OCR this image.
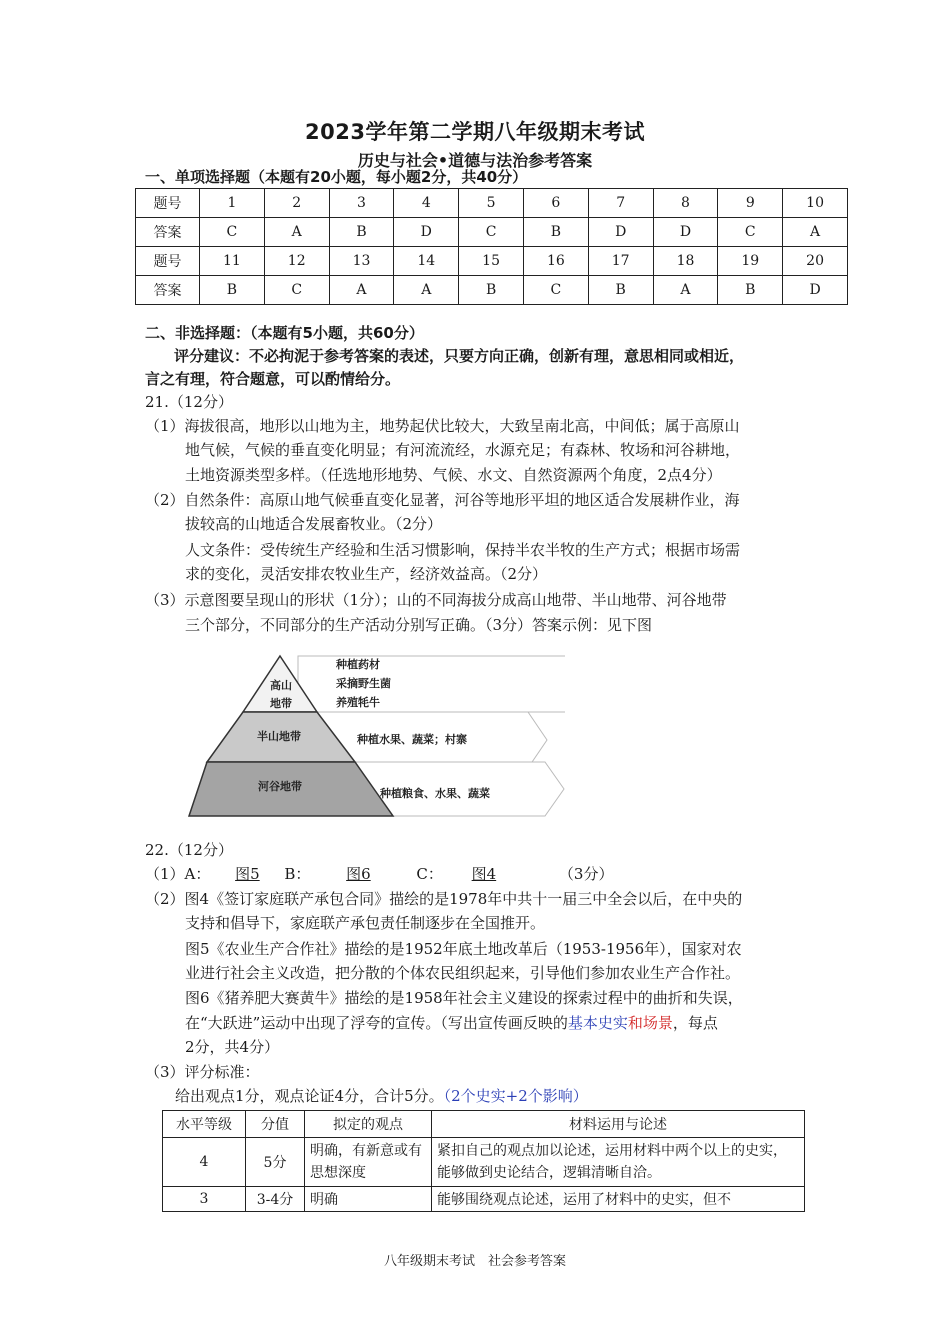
2023学年第二学期八年级期末考试
历史与社会•道德与法治参考答案
一、单项选择题（本题有20小题，每小题2分，共40分）
题号	1	2	3	4	5	6	7	8	9	10
答案	C	A	B	D	C	B	D	D	C	A
题号	11	12	13	14	15	16	17	18	19	20
答案	B	C	A	A	B	C	B	A	B	D
二、非选择题：（本题有5小题，共60分）
评分建议：不必拘泥于参考答案的表述，只要方向正确，创新有理，意思相同或相近，
言之有理，符合题意，可以酌情给分。
21.（12分）
（1）海拔很高，地形以山地为主，地势起伏比较大，大致呈南北高，中间低；属于高原山
地气候，气候的垂直变化明显；有河流流经，水源充足；有森林、牧场和河谷耕地，
土地资源类型多样。（任选地形地势、气候、水文、自然资源两个角度，2点4分）
（2）自然条件：高原山地气候垂直变化显著，河谷等地形平坦的地区适合发展耕作业，海
拔较高的山地适合发展畜牧业。（2分）
人文条件：受传统生产经验和生活习惯影响，保持半农半牧的生产方式；根据市场需
求的变化，灵活安排农牧业生产，经济效益高。（2分）
（3）示意图要呈现山的形状（1分）；山的不同海拔分成高山地带、半山地带、河谷地带
三个部分，不同部分的生产活动分别写正确。（3分）答案示例：见下图
高山
地带
半山地带
河谷地带
种植药材
采摘野生菌
养殖牦牛
种植水果、蔬菜；村寨
种植粮食、水果、蔬菜
22.（12分）
（1）A： 图5 B： 图6	C： 图4	（3分）
（2）图4《签订家庭联产承包合同》描绘的是1978年中共十一届三中全会以后，在中央的
支持和倡导下，家庭联产承包责任制逐步在全国推开。
图5《农业生产合作社》描绘的是1952年底土地改革后（1953-1956年），国家对农
业进行社会主义改造，把分散的个体农民组织起来，引导他们参加农业生产合作社。
图6《猪养肥大赛黄牛》描绘的是1958年社会主义建设的探索过程中的曲折和失误，
在“大跃进”运动中出现了浮夸的宣传。（写出宣传画反映的基本史实和场景，每点
2分，共4分）
（3）评分标准：
给出观点1分，观点论证4分，合计5分。（2个史实+2个影响）
水平等级	分值	拟定的观点	材料运用与论述
4	5分	明确，有新意或有思想深度	紧扣自己的观点加以论述，运用材料中两个以上的史实，能够做到史论结合，逻辑清晰自洽。
3	3-4分	明确	能够围绕观点论述，运用了材料中的史实，但不
八年级期末考试　社会参考答案
